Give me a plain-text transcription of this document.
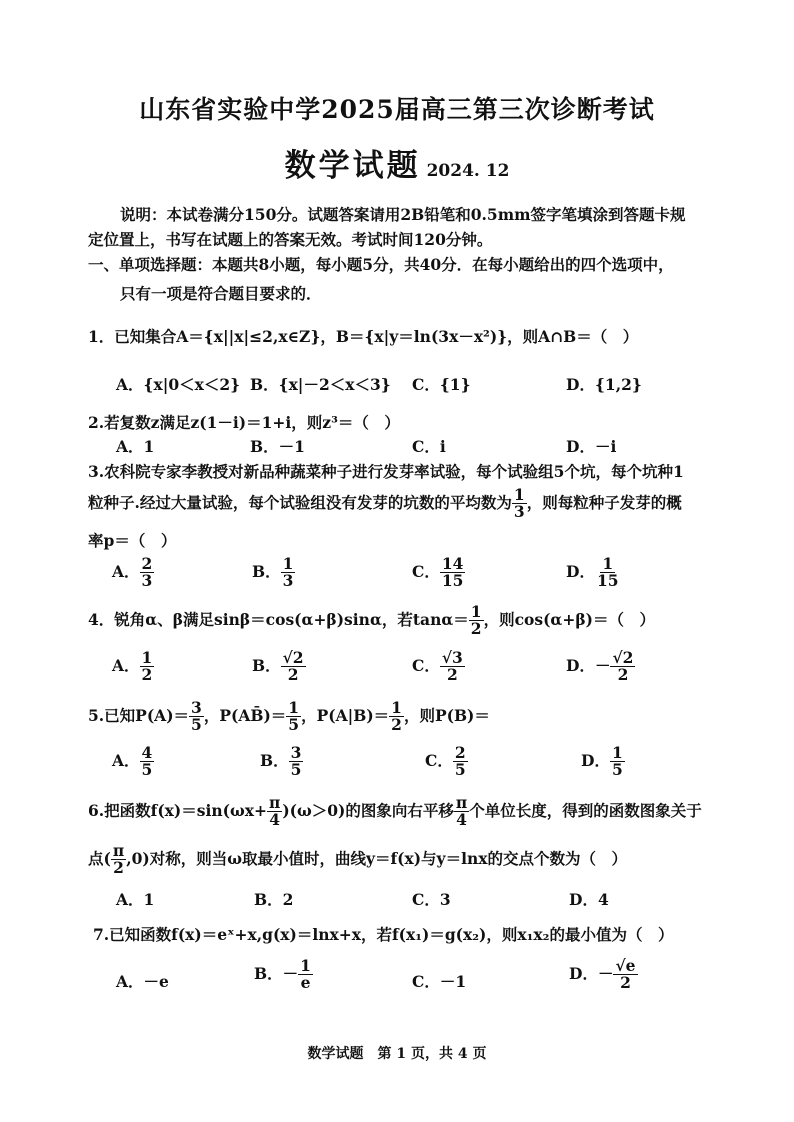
山东省实验中学2025届高三第三次诊断考试
数学试题 2024. 12
说明：本试卷满分150分。试题答案请用2B铅笔和0.5mm签字笔填涂到答题卡规
定位置上，书写在试题上的答案无效。考试时间120分钟。
一、单项选择题：本题共8小题，每小题5分，共40分．在每小题给出的四个选项中，
只有一项是符合题目要求的．
1．已知集合A＝{x||x|≤2,x∈Z}，B＝{x|y＝ln(3x－x²)}，则A∩B＝（　）
A．{x|0＜x＜2} B．{x|－2＜x＜3} C．{1}	D．{1,2}
2.若复数z满足z(1－i)＝1+i，则z³＝（　）
A．1	B．－1	C．i	D．－i
3.农科院专家李教授对新品种蔬菜种子进行发芽率试验，每个试验组5个坑，每个坑种1
粒种子.经过大量试验，每个试验组没有发芽的坑数的平均数为 $\frac{1}{3}$ ，则每粒种子发芽的概
率p＝（　）
A． $\frac{2}{3}$	B． $\frac{1}{3}$	C． $\frac{14}{15}$	D． $\frac{1}{15}$
4．锐角α、β满足sinβ＝cos(α+β)sinα，若$\tan\alpha= \frac{1}{2}$ ，则cos(α+β)＝（　）
A． $\frac{1}{2}$	B． $\frac{√2}{2}$	C． $\frac{√3}{2}$	D．－ $\frac{√2}{2}$
5.已知$P(A)= \frac{3}{5}$ ，P(AB̄)＝ $\frac{1}{5}$ ，$P(A|B)= \frac{1}{2}$ ，则P(B)＝
A． $\frac{4}{5}$	B． $\frac{3}{5}$	C． $\frac{2}{5}$	D． $\frac{1}{5}$
6.把函数$f(x)=\sin(\omega x+ \frac{\pi}{4} )(\omega>0)$的图象向右平移 $\frac{\pi}{4}$ 个单位长度，得到的函数图象关于
点( $\frac{\pi}{2} ,0$)对称，则当ω取最小值时，曲线y＝f(x)与y＝lnx的交点个数为（　）
A．1	B．2	C．3	D．4
7.已知函数f(x)＝eˣ+x,g(x)＝lnx+x，若f(x₁)＝g(x₂)，则x₁x₂的最小值为（　）
A．－e	B．－ $\frac{1}{e}$	C．－1	D．－ $\frac{√e}{2}$
数学试题　第 1 页，共 4 页
